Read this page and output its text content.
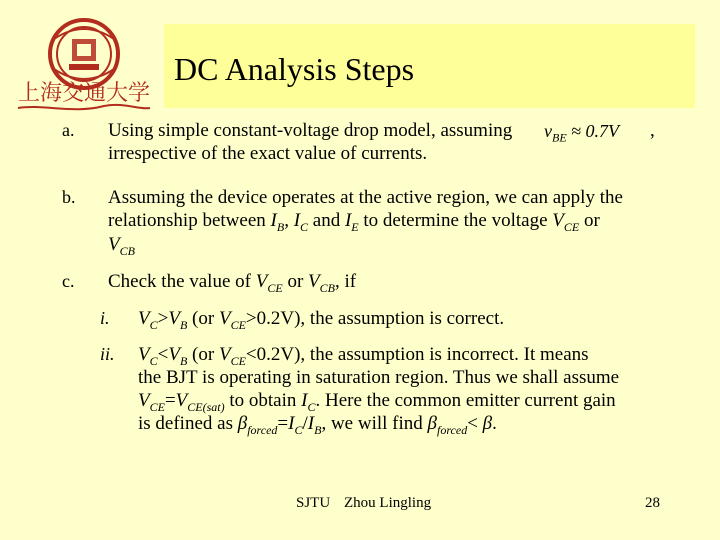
上海交通大学
DC Analysis Steps
a. Using simple constant-voltage drop model, assuming $v_{BE} \approx 0.7V$ ,
irrespective of the exact value of currents.
b. Assuming the device operates at the active region, we can apply the
relationship between $I_B$, $I_C$ and $I_E$ to determine the voltage $V_{CE}$ or
$V_{CB}$
c. Check the value of $V_{CE}$ or $V_{CB}$, if
i. $V_C>V_B$ (or $V_{CE}>0.2V$), the assumption is correct.
ii. $V_C<V_B$ (or $V_{CE}<0.2V$), the assumption is incorrect. It means
the BJT is operating in saturation region. Thus we shall assume
$V_{CE}=V_{CE(sat)}$ to obtain $I_C$. Here the common emitter current gain
is defined as $\beta_{forced}=I_C/I_B$, we will find $\beta_{forced}< \beta$.
SJTU Zhou Lingling	28
